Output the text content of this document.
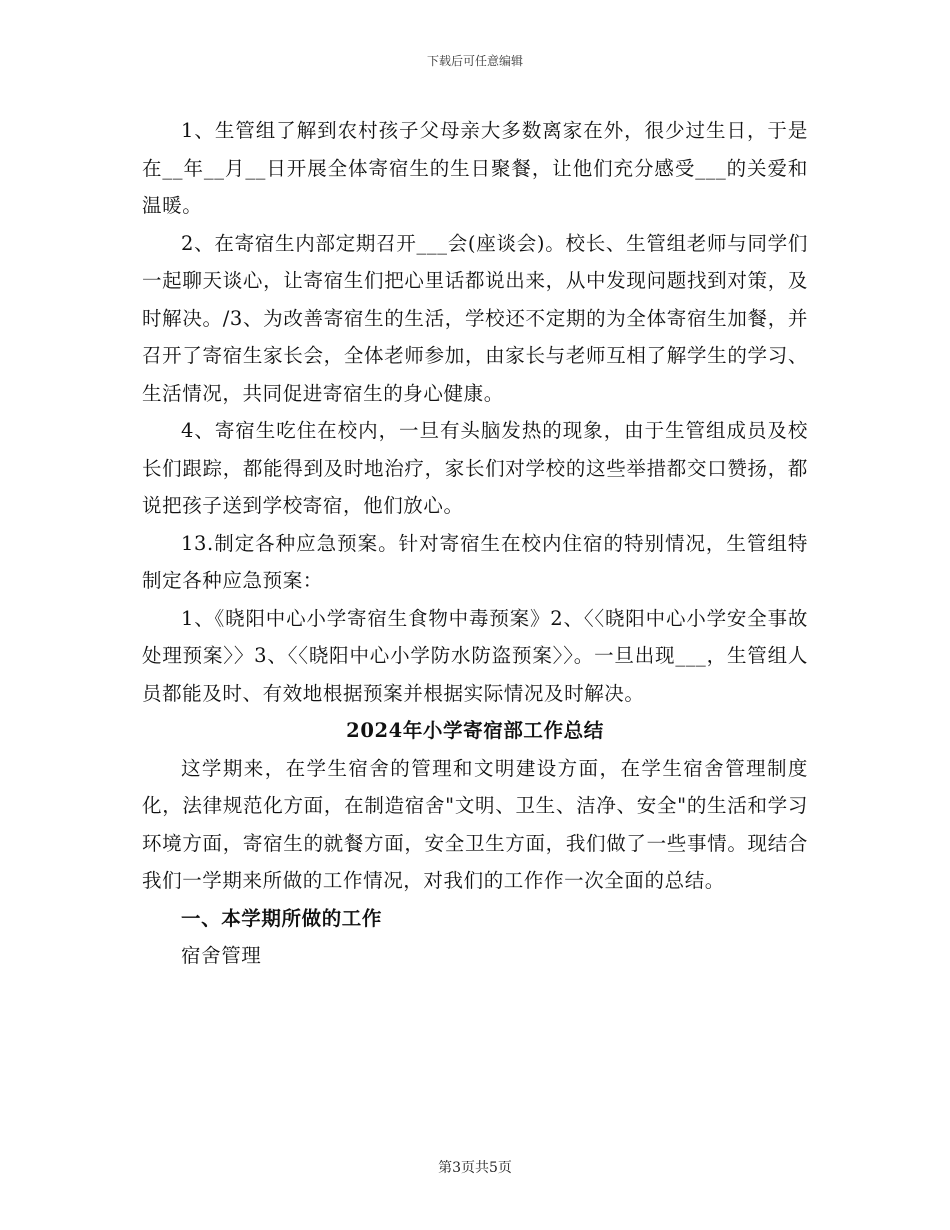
下载后可任意编辑

1、生管组了解到农村孩子父母亲大多数离家在外，很少过生日，于是在__年__月__日开展全体寄宿生的生日聚餐，让他们充分感受___的关爱和温暖。

2、在寄宿生内部定期召开___会(座谈会)。校长、生管组老师与同学们一起聊天谈心，让寄宿生们把心里话都说出来，从中发现问题找到对策，及时解决。/3、为改善寄宿生的生活，学校还不定期的为全体寄宿生加餐，并召开了寄宿生家长会，全体老师参加，由家长与老师互相了解学生的学习、生活情况，共同促进寄宿生的身心健康。

4、寄宿生吃住在校内，一旦有头脑发热的现象，由于生管组成员及校长们跟踪，都能得到及时地治疗，家长们对学校的这些举措都交口赞扬，都说把孩子送到学校寄宿，他们放心。

13.制定各种应急预案。针对寄宿生在校内住宿的特别情况，生管组特制定各种应急预案：

1、《晓阳中心小学寄宿生食物中毒预案》2、〈〈晓阳中心小学安全事故处理预案〉〉3、〈〈晓阳中心小学防水防盗预案〉〉。一旦出现___，生管组人员都能及时、有效地根据预案并根据实际情况及时解决。

2024年小学寄宿部工作总结

这学期来，在学生宿舍的管理和文明建设方面，在学生宿舍管理制度化，法律规范化方面，在制造宿舍"文明、卫生、洁净、安全"的生活和学习环境方面，寄宿生的就餐方面，安全卫生方面，我们做了一些事情。现结合我们一学期来所做的工作情况，对我们的工作作一次全面的总结。

一、本学期所做的工作

宿舍管理

第3页共5页
